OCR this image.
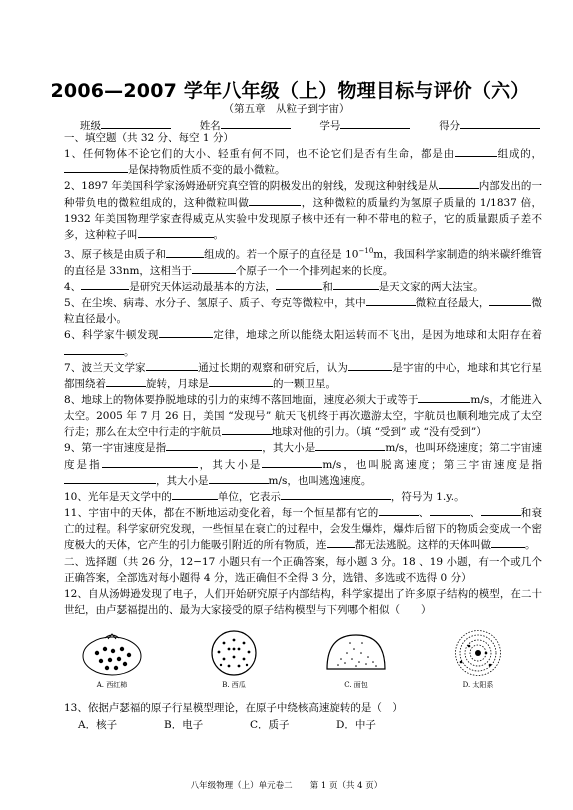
2006—2007 学年八年级（上）物理目标与评价（六）
（第五章　从粒子到宇宙）
班级	姓名	学号	得分

一、填空题（共 32 分、每空 1 分）

1、任何物体不论它们的大小、轻重有何不同，也不论它们是否有生命，都是由	组成的，是保持物质性质不变的最小微粒。

2、1897 年美国科学家汤姆逊研究真空管的阴极发出的射线，发现这种射线是从	内部发出的一种带负电的微粒组成的，这种微粒叫做	，这种微粒的质量约为氢原子质量的 1/1837 倍，1932 年美国物理学家查得威克从实验中发现原子核中还有一种不带电的粒子，它的质量跟质子差不多，这种粒子叫	。

3、原子核是由质子和	组成的。若一个原子的直径是 $10^{-10}m$，我国科学家制造的纳米碳纤维管的直径是 33nm，这相当于	个原子一个一个排列起来的长度。

4、	是研究天体运动最基本的方法，	和	是天文家的两大法宝。

5、在尘埃、病毒、水分子、氢原子、质子、夸克等微粒中，其中	微粒直径最大，	微粒直径最小。

6、科学家牛顿发现	定律，地球之所以能绕太阳运转而不飞出，是因为地球和太阳存在着。

7、波兰天文学家	通过长期的观察和研究后，认为	是宇宙的中心，地球和其它行星都围绕着	旋转，月球是	的一颗卫星。

8、地球上的物体要挣脱地球的引力的束缚不落回地面，速度必须大于或等于	m/s，才能进入太空。2005 年 7 月 26 日，美国 “发现号” 航天飞机终于再次遨游太空，宇航员也顺利地完成了太空行走；那么在太空中行走的宇航员	地球对他的引力。（填 “受到” 或 “没有受到”）

9、第一宇宙速度是指	，其大小是	m/s，也叫环绕速度；第二宇宙速度是指	，其大小是	m/s，也叫脱离速度；第三宇宙速度是指，其大小是	m/s，也叫逃逸速度。

10、光年是天文学中的	单位，它表示	，符号为 1.y.。

11、宇宙中的天体，都在不断地运动变化着，每一个恒星都有它的	、	、	和衰亡的过程。科学家研究发现，一些恒星在衰亡的过程中，会发生爆炸，爆炸后留下的物质会变成一个密度极大的天体，它产生的引力能吸引附近的所有物质，连	都无法逃脱。这样的天体叫做	。

二、选择题（共 26 分，12−17 小题只有一个正确答案，每小题 3 分。18 、19 小题，有一个或几个正确答案，全部选对每小题得 4 分，选正确但不全得 3 分，选错、多选或不选得 0 分）

12、自从汤姆逊发现了电子，人们开始研究原子内部结构，科学家提出了许多原子结构的模型，在二十世纪，由卢瑟福提出的、最为大家接受的原子结构模型与下列哪个相似（　　）

A. 西红柿	B. 西瓜	C. 面包	D. 太阳系
13、依据卢瑟福的原子行星模型理论，在原子中绕核高速旋转的是（　）
A．核子	B．电子	C．质子	D．中子
八年级物理（上）单元卷二　　第 1 页（共 4 页）
